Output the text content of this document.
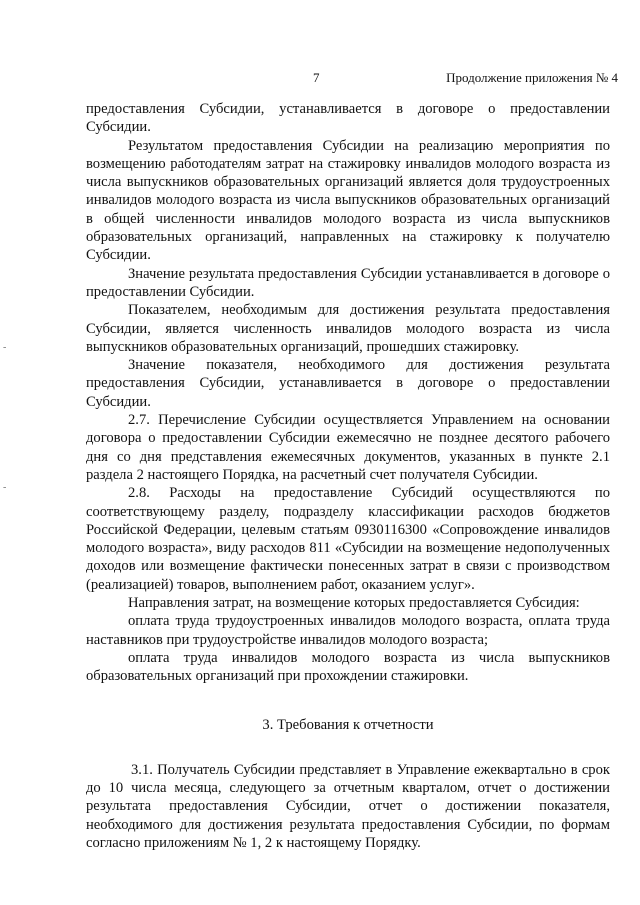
7	Продолжение приложения № 4
-
-

предоставления Субсидии, устанавливается в договоре о предоставлении Субсидии.

Результатом предоставления Субсидии на реализацию мероприятия по возмещению работодателям затрат на стажировку инвалидов молодого возраста из числа выпускников образовательных организаций является доля трудоустроенных инвалидов молодого возраста из числа выпускников образовательных организаций в общей численности инвалидов молодого возраста из числа выпускников образовательных организаций, направленных на стажировку к получателю Субсидии.

Значение результата предоставления Субсидии устанавливается в договоре о предоставлении Субсидии.

Показателем, необходимым для достижения результата предоставления Субсидии, является численность инвалидов молодого возраста из числа выпускников образовательных организаций, прошедших стажировку.

Значение показателя, необходимого для достижения результата предоставления Субсидии, устанавливается в договоре о предоставлении Субсидии.

2.7. Перечисление Субсидии осуществляется Управлением на основании договора о предоставлении Субсидии ежемесячно не позднее десятого рабочего дня со дня представления ежемесячных документов, указанных в пункте 2.1 раздела 2 настоящего Порядка, на расчетный счет получателя Субсидии.

2.8. Расходы на предоставление Субсидий осуществляются по соответствующему разделу, подразделу классификации расходов бюджетов Российской Федерации, целевым статьям 0930116300 «Сопровождение инвалидов молодого возраста», виду расходов 811 «Субсидии на возмещение недополученных доходов или возмещение фактически понесенных затрат в связи с производством (реализацией) товаров, выполнением работ, оказанием услуг».

Направления затрат, на возмещение которых предоставляется Субсидия:

оплата труда трудоустроенных инвалидов молодого возраста, оплата труда наставников при трудоустройстве инвалидов молодого возраста;

оплата труда инвалидов молодого возраста из числа выпускников образовательных организаций при прохождении стажировки.

3. Требования к отчетности

3.1. Получатель Субсидии представляет в Управление ежеквартально в срок до 10 числа месяца, следующего за отчетным кварталом, отчет о достижении результата предоставления Субсидии, отчет о достижении показателя, необходимого для достижения результата предоставления Субсидии, по формам согласно приложениям № 1, 2 к настоящему Порядку.
